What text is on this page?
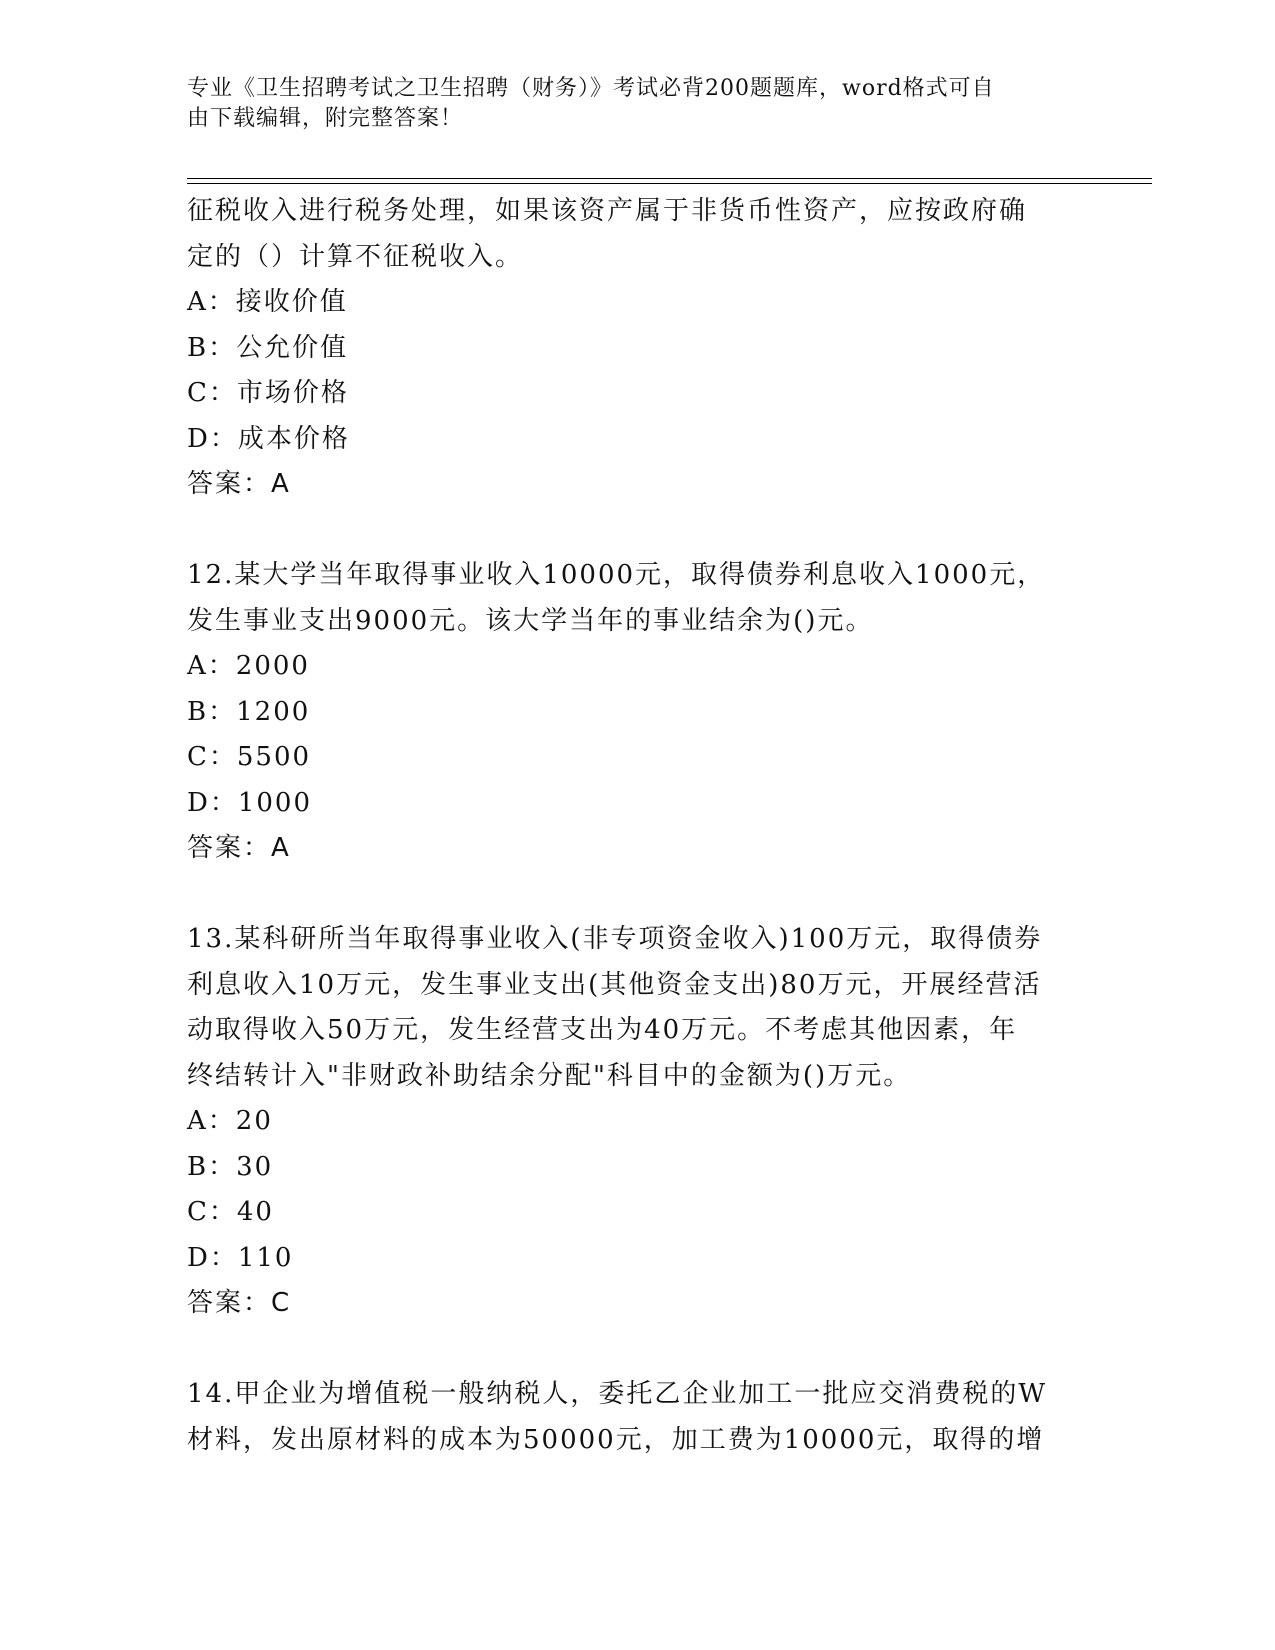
专业《卫生招聘考试之卫生招聘（财务）》考试必背200题题库，word格式可自
由下载编辑，附完整答案！
征税收入进行税务处理，如果该资产属于非货币性资产，应按政府确
定的（）计算不征税收入。
A：接收价值
B：公允价值
C：市场价格
D：成本价格
答案：A
12.某大学当年取得事业收入10000元，取得债券利息收入1000元，
发生事业支出9000元。该大学当年的事业结余为()元。
A：2000
B：1200
C：5500
D：1000
答案：A
13.某科研所当年取得事业收入(非专项资金收入)100万元，取得债券
利息收入10万元，发生事业支出(其他资金支出)80万元，开展经营活
动取得收入50万元，发生经营支出为40万元。不考虑其他因素，年
终结转计入"非财政补助结余分配"科目中的金额为()万元。
A：20
B：30
C：40
D：110
答案：C
14.甲企业为增值税一般纳税人，委托乙企业加工一批应交消费税的W
材料，发出原材料的成本为50000元，加工费为10000元，取得的增
